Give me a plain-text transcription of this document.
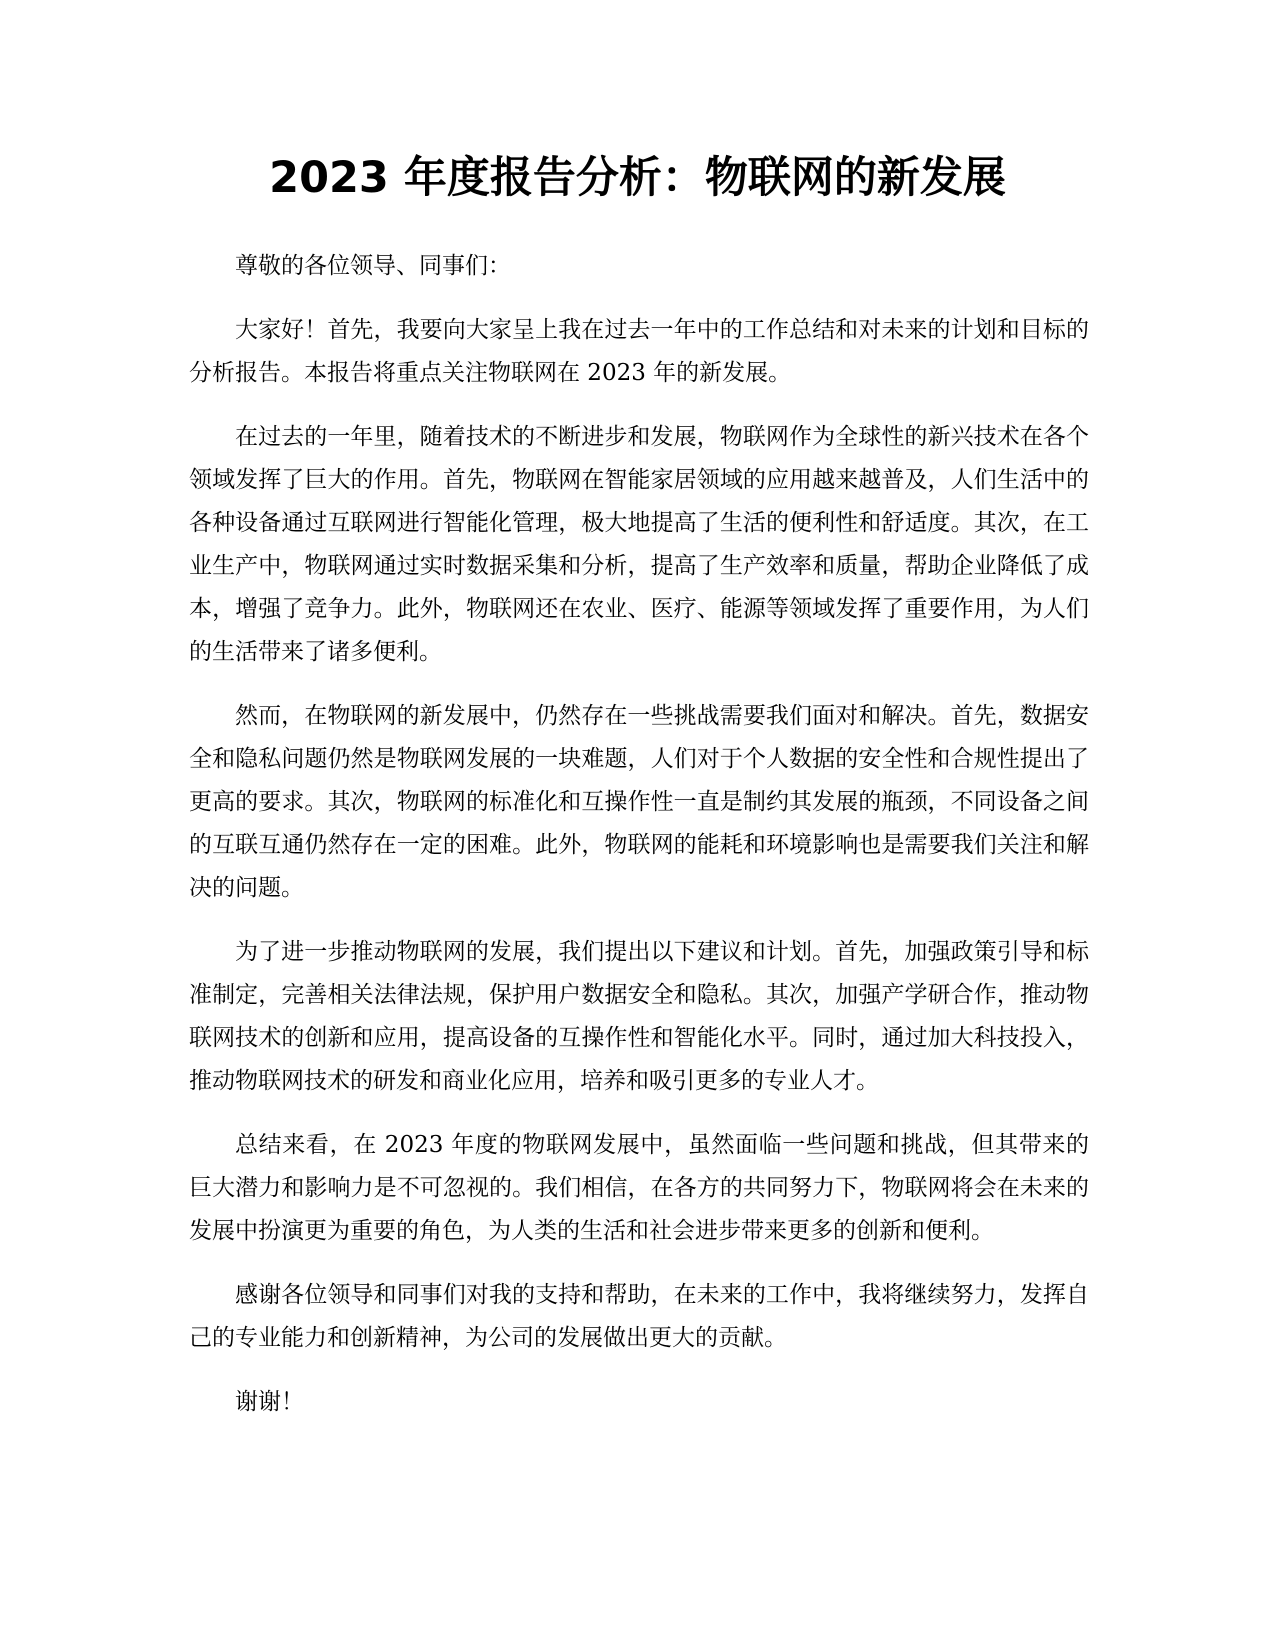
2023 年度报告分析：物联网的新发展

尊敬的各位领导、同事们：

大家好！首先，我要向大家呈上我在过去一年中的工作总结和对未来的计划和目标的分析报告。本报告将重点关注物联网在 2023 年的新发展。

在过去的一年里，随着技术的不断进步和发展，物联网作为全球性的新兴技术在各个领域发挥了巨大的作用。首先，物联网在智能家居领域的应用越来越普及，人们生活中的各种设备通过互联网进行智能化管理，极大地提高了生活的便利性和舒适度。其次，在工业生产中，物联网通过实时数据采集和分析，提高了生产效率和质量，帮助企业降低了成本，增强了竞争力。此外，物联网还在农业、医疗、能源等领域发挥了重要作用，为人们的生活带来了诸多便利。

然而，在物联网的新发展中，仍然存在一些挑战需要我们面对和解决。首先，数据安全和隐私问题仍然是物联网发展的一块难题，人们对于个人数据的安全性和合规性提出了更高的要求。其次，物联网的标准化和互操作性一直是制约其发展的瓶颈，不同设备之间的互联互通仍然存在一定的困难。此外，物联网的能耗和环境影响也是需要我们关注和解决的问题。

为了进一步推动物联网的发展，我们提出以下建议和计划。首先，加强政策引导和标准制定，完善相关法律法规，保护用户数据安全和隐私。其次，加强产学研合作，推动物联网技术的创新和应用，提高设备的互操作性和智能化水平。同时，通过加大科技投入，推动物联网技术的研发和商业化应用，培养和吸引更多的专业人才。

总结来看，在 2023 年度的物联网发展中，虽然面临一些问题和挑战，但其带来的巨大潜力和影响力是不可忽视的。我们相信，在各方的共同努力下，物联网将会在未来的发展中扮演更为重要的角色，为人类的生活和社会进步带来更多的创新和便利。

感谢各位领导和同事们对我的支持和帮助，在未来的工作中，我将继续努力，发挥自己的专业能力和创新精神，为公司的发展做出更大的贡献。

谢谢！
